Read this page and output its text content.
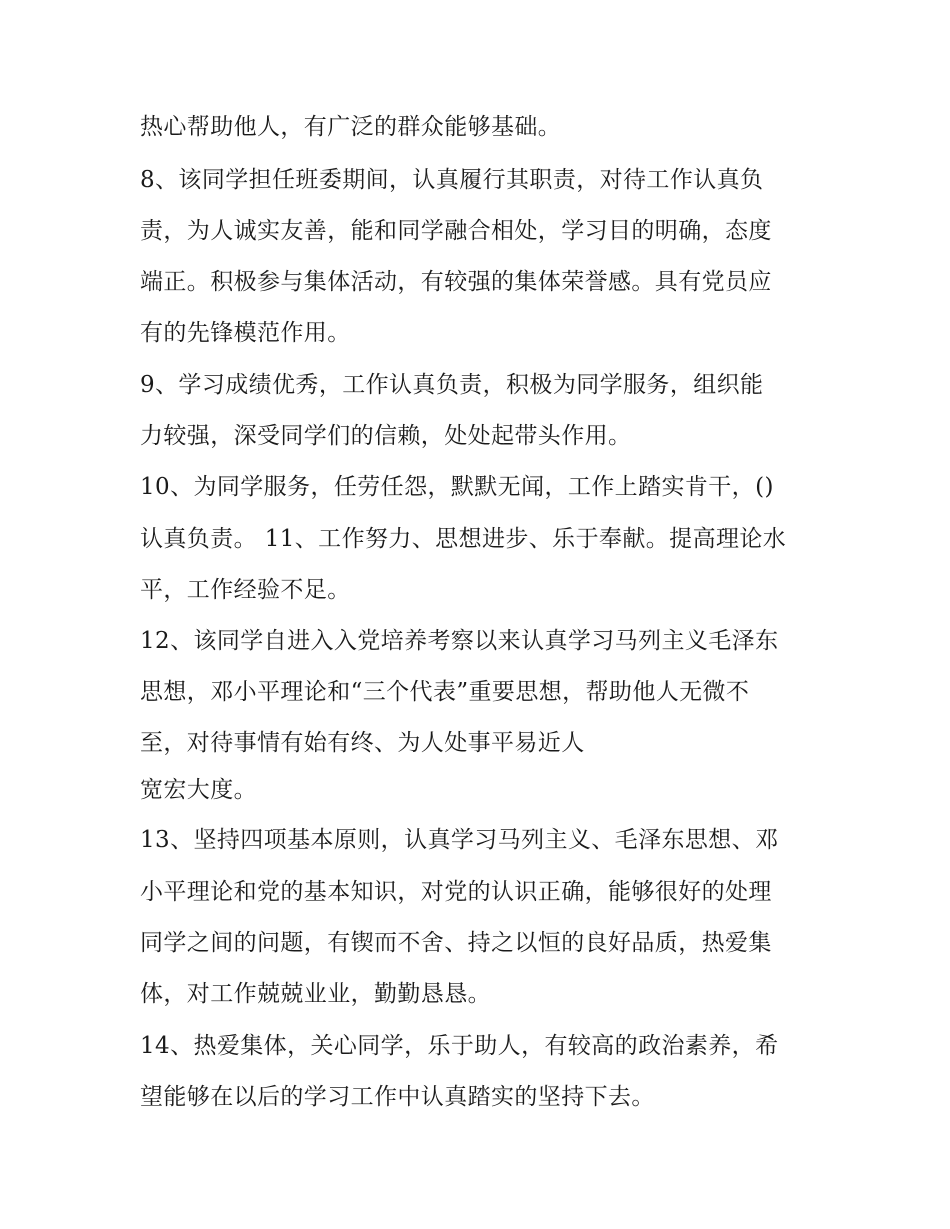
热心帮助他人，有广泛的群众能够基础。
8、该同学担任班委期间，认真履行其职责，对待工作认真负
责，为人诚实友善，能和同学融合相处，学习目的明确，态度
端正。积极参与集体活动，有较强的集体荣誉感。具有党员应
有的先锋模范作用。
9、学习成绩优秀，工作认真负责，积极为同学服务，组织能
力较强，深受同学们的信赖，处处起带头作用。
10、为同学服务，任劳任怨，默默无闻，工作上踏实肯干，()
认真负责。 11、工作努力、思想进步、乐于奉献。提高理论水
平，工作经验不足。
12、该同学自进入入党培养考察以来认真学习马列主义毛泽东
思想，邓小平理论和“三个代表”重要思想，帮助他人无微不
至，对待事情有始有终、为人处事平易近人
宽宏大度。
13、坚持四项基本原则，认真学习马列主义、毛泽东思想、邓
小平理论和党的基本知识，对党的认识正确，能够很好的处理
同学之间的问题，有锲而不舍、持之以恒的良好品质，热爱集
体，对工作兢兢业业，勤勤恳恳。
14、热爱集体，关心同学，乐于助人，有较高的政治素养，希
望能够在以后的学习工作中认真踏实的坚持下去。
